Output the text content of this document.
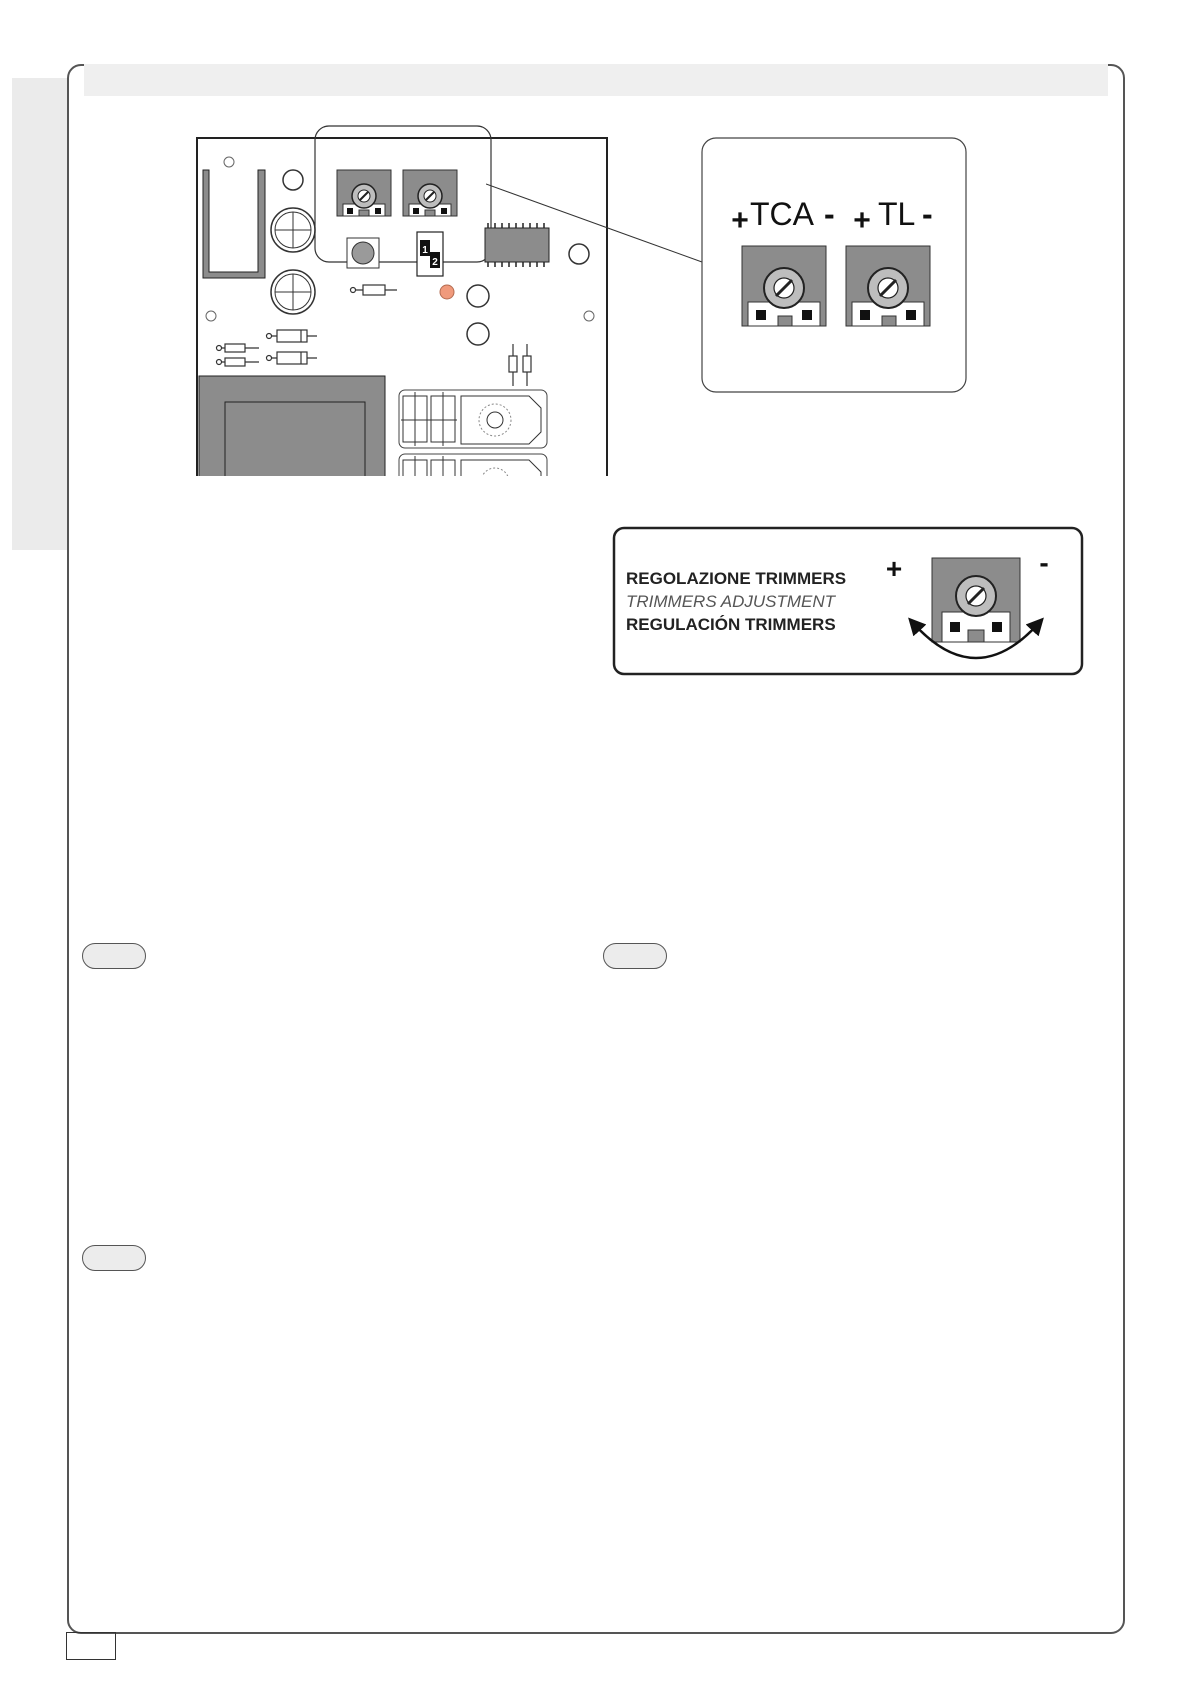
1
2
+ TCA - + TL -
REGOLAZIONE TRIMMERS
TRIMMERS ADJUSTMENT
REGULACIÓN TRIMMERS
+	-
